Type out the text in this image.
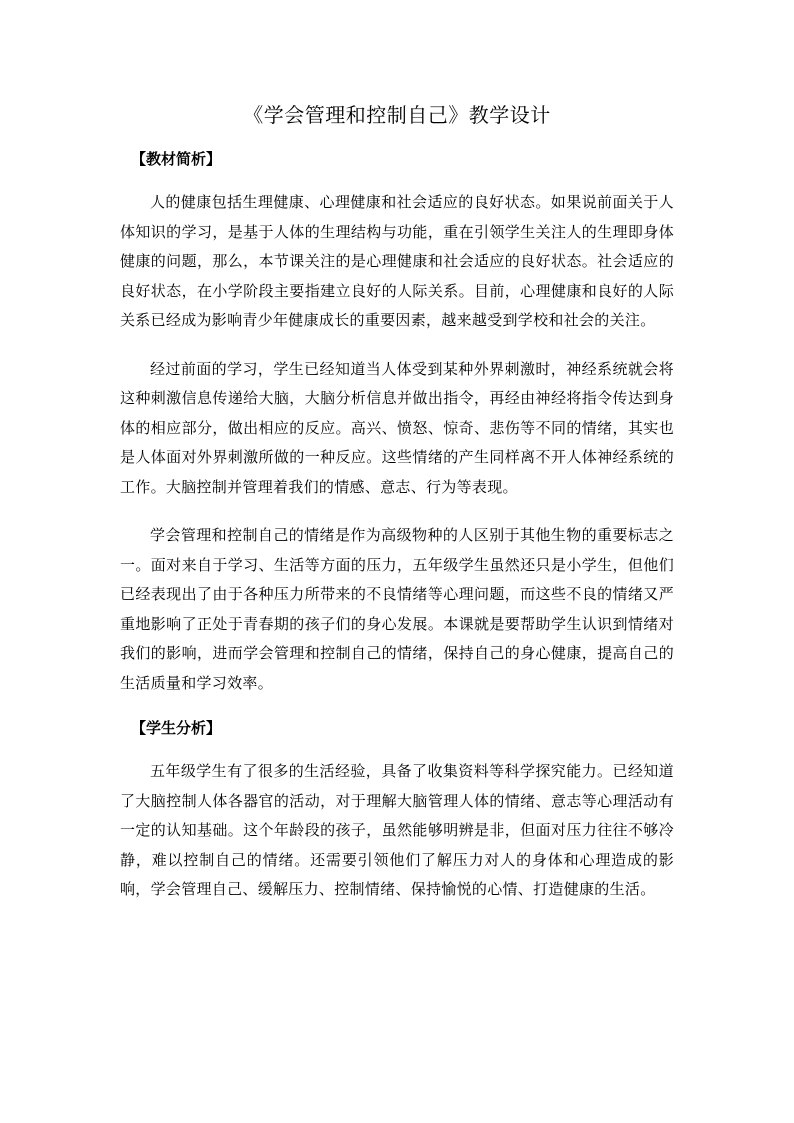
《学会管理和控制自己》教学设计
【教材简析】

人的健康包括生理健康、心理健康和社会适应的良好状态。如果说前面关于人体知识的学习，是基于人体的生理结构与功能，重在引领学生关注人的生理即身体健康的问题，那么，本节课关注的是心理健康和社会适应的良好状态。社会适应的良好状态，在小学阶段主要指建立良好的人际关系。目前，心理健康和良好的人际关系已经成为影响青少年健康成长的重要因素，越来越受到学校和社会的关注。

经过前面的学习，学生已经知道当人体受到某种外界刺激时，神经系统就会将这种刺激信息传递给大脑，大脑分析信息并做出指令，再经由神经将指令传达到身体的相应部分，做出相应的反应。高兴、愤怒、惊奇、悲伤等不同的情绪，其实也是人体面对外界刺激所做的一种反应。这些情绪的产生同样离不开人体神经系统的工作。大脑控制并管理着我们的情感、意志、行为等表现。

学会管理和控制自己的情绪是作为高级物种的人区别于其他生物的重要标志之一。面对来自于学习、生活等方面的压力，五年级学生虽然还只是小学生，但他们已经表现出了由于各种压力所带来的不良情绪等心理问题，而这些不良的情绪又严重地影响了正处于青春期的孩子们的身心发展。本课就是要帮助学生认识到情绪对我们的影响，进而学会管理和控制自己的情绪，保持自己的身心健康，提高自己的生活质量和学习效率。

【学生分析】

五年级学生有了很多的生活经验，具备了收集资料等科学探究能力。已经知道了大脑控制人体各器官的活动，对于理解大脑管理人体的情绪、意志等心理活动有一定的认知基础。这个年龄段的孩子，虽然能够明辨是非，但面对压力往往不够冷静，难以控制自己的情绪。还需要引领他们了解压力对人的身体和心理造成的影响，学会管理自己、缓解压力、控制情绪、保持愉悦的心情、打造健康的生活。
